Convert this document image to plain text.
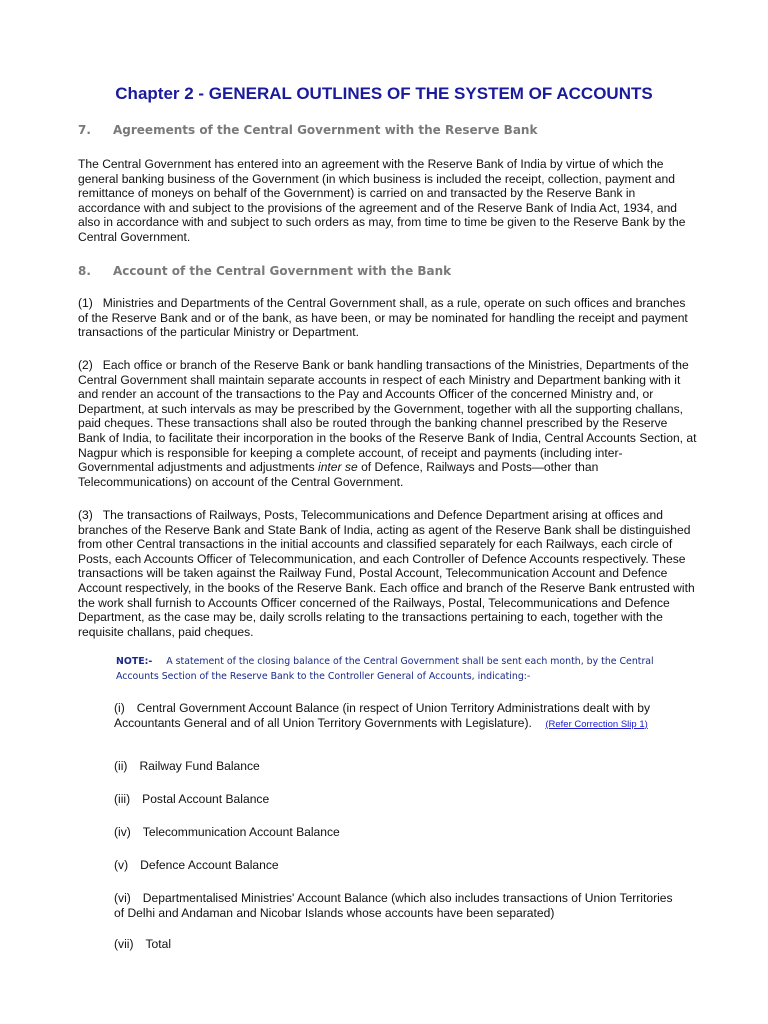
Chapter 2 - GENERAL OUTLINES OF THE SYSTEM OF ACCOUNTS
7. Agreements of the Central Government with the Reserve Bank

The Central Government has entered into an agreement with the Reserve Bank of India by virtue of which the general banking business of the Government (in which business is included the receipt, collection, payment and remittance of moneys on behalf of the Government) is carried on and transacted by the Reserve Bank in accordance with and subject to the provisions of the agreement and of the Reserve Bank of India Act, 1934, and also in accordance with and subject to such orders as may, from time to time be given to the Reserve Bank by the Central Government.

8. Account of the Central Government with the Bank

(1) Ministries and Departments of the Central Government shall, as a rule, operate on such offices and branches of the Reserve Bank and or of the bank, as have been, or may be nominated for handling the receipt and payment transactions of the particular Ministry or Department.

(2) Each office or branch of the Reserve Bank or bank handling transactions of the Ministries, Departments of the Central Government shall maintain separate accounts in respect of each Ministry and Department banking with it and render an account of the transactions to the Pay and Accounts Officer of the concerned Ministry and, or Department, at such intervals as may be prescribed by the Government, together with all the supporting challans, paid cheques. These transactions shall also be routed through the banking channel prescribed by the Reserve Bank of India, to facilitate their incorporation in the books of the Reserve Bank of India, Central Accounts Section, at Nagpur which is responsible for keeping a complete account, of receipt and payments (including inter-Governmental adjustments and adjustments inter se of Defence, Railways and Posts—other than Telecommunications) on account of the Central Government.

(3) The transactions of Railways, Posts, Telecommunications and Defence Department arising at offices and branches of the Reserve Bank and State Bank of India, acting as agent of the Reserve Bank shall be distinguished from other Central transactions in the initial accounts and classified separately for each Railways, each circle of Posts, each Accounts Officer of Telecommunication, and each Controller of Defence Accounts respectively. These transactions will be taken against the Railway Fund, Postal Account, Telecommunication Account and Defence Account respectively, in the books of the Reserve Bank. Each office and branch of the Reserve Bank entrusted with the work shall furnish to Accounts Officer concerned of the Railways, Postal, Telecommunications and Defence Department, as the case may be, daily scrolls relating to the transactions pertaining to each, together with the requisite challans, paid cheques.

NOTE:- A statement of the closing balance of the Central Government shall be sent each month, by the Central Accounts Section of the Reserve Bank to the Controller General of Accounts, indicating:-

(i) Central Government Account Balance (in respect of Union Territory Administrations dealt with by Accountants General and of all Union Territory Governments with Legislature). (Refer Correction Slip 1)

(ii) Railway Fund Balance

(iii) Postal Account Balance

(iv) Telecommunication Account Balance

(v) Defence Account Balance

(vi) Departmentalised Ministries' Account Balance (which also includes transactions of Union Territories of Delhi and Andaman and Nicobar Islands whose accounts have been separated)

(vii) Total
